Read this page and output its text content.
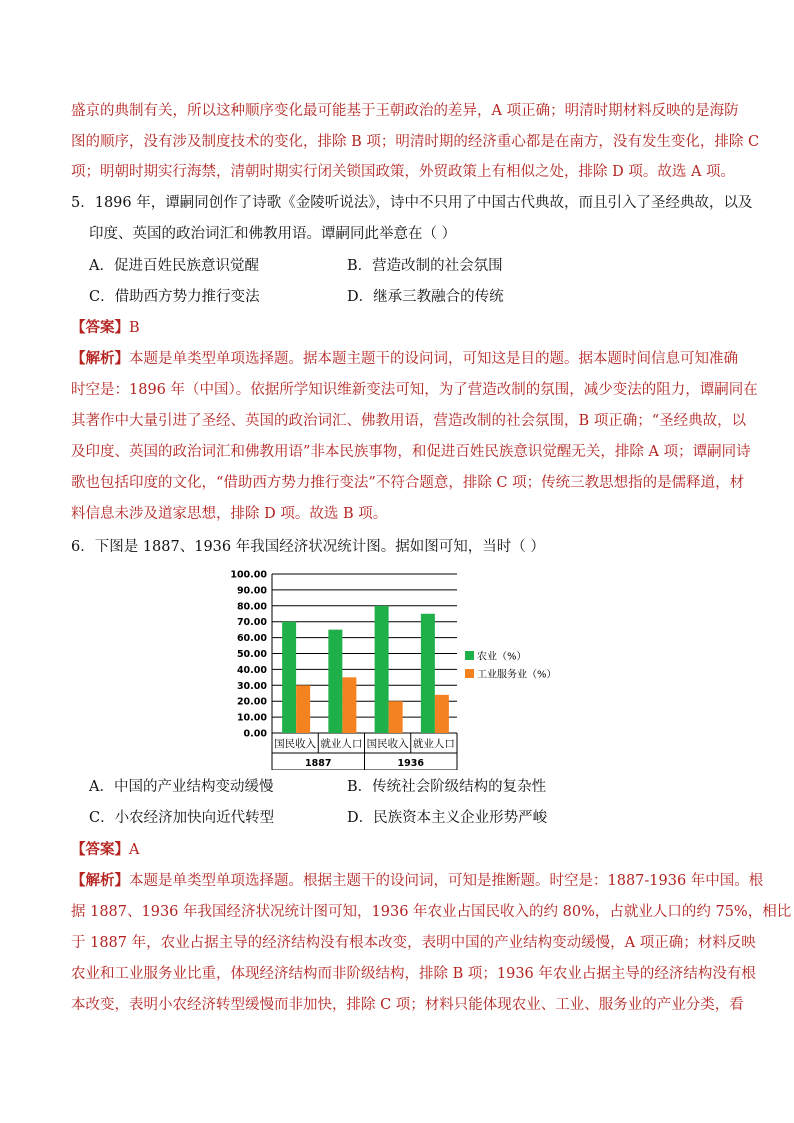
盛京的典制有关，所以这种顺序变化最可能基于王朝政治的差异，A 项正确；明清时期材料反映的是海防
图的顺序，没有涉及制度技术的变化，排除 B 项；明清时期的经济重心都是在南方，没有发生变化，排除 C
项；明朝时期实行海禁，清朝时期实行闭关锁国政策，外贸政策上有相似之处，排除 D 项。故选 A 项。
5．1896 年，谭嗣同创作了诗歌《金陵听说法》，诗中不只用了中国古代典故，而且引入了圣经典故，以及
印度、英国的政治词汇和佛教用语。谭嗣同此举意在（ ）
A．促进百姓民族意识觉醒	B．营造改制的社会氛围
C．借助西方势力推行变法	D．继承三教融合的传统
【答案】B
【解析】本题是单类型单项选择题。据本题主题干的设问词，可知这是目的题。据本题时间信息可知准确
时空是：1896 年（中国）。依据所学知识维新变法可知，为了营造改制的氛围，减少变法的阻力，谭嗣同在
其著作中大量引进了圣经、英国的政治词汇、佛教用语，营造改制的社会氛围，B 项正确；“圣经典故，以
及印度、英国的政治词汇和佛教用语”非本民族事物，和促进百姓民族意识觉醒无关，排除 A 项；谭嗣同诗
歌也包括印度的文化，“借助西方势力推行变法”不符合题意，排除 C 项；传统三教思想指的是儒释道，材
料信息未涉及道家思想，排除 D 项。故选 B 项。
6．下图是 1887、1936 年我国经济状况统计图。据如图可知，当时（ ）
0.00
10.00
20.00
30.00
40.00
50.00
60.00
70.00
80.00
90.00
100.00
国民收入 就业人口 国民收入 就业人口
1887	1936
农业（%）
工业服务业（%）
A．中国的产业结构变动缓慢	B．传统社会阶级结构的复杂性
C．小农经济加快向近代转型	D．民族资本主义企业形势严峻
【答案】A
【解析】本题是单类型单项选择题。根据主题干的设问词，可知是推断题。时空是：1887-1936 年中国。根
据 1887、1936 年我国经济状况统计图可知，1936 年农业占国民收入的约 80%，占就业人口的约 75%，相比
于 1887 年，农业占据主导的经济结构没有根本改变，表明中国的产业结构变动缓慢，A 项正确；材料反映
农业和工业服务业比重，体现经济结构而非阶级结构，排除 B 项；1936 年农业占据主导的经济结构没有根
本改变，表明小农经济转型缓慢而非加快，排除 C 项；材料只能体现农业、工业、服务业的产业分类，看
